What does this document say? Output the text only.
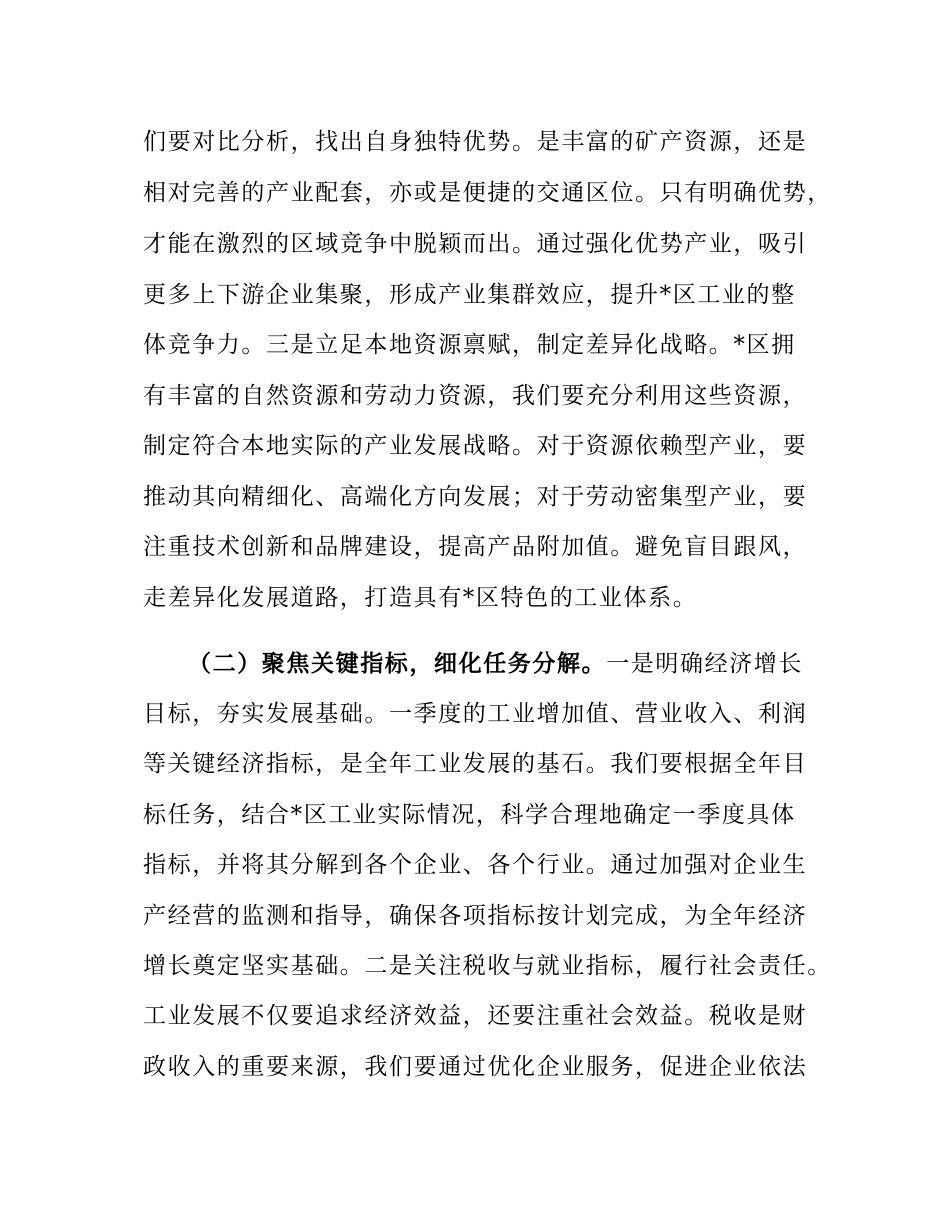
们要对比分析，找出自身独特优势。是丰富的矿产资源，还是
相对完善的产业配套，亦或是便捷的交通区位。只有明确优势，
才能在激烈的区域竞争中脱颖而出。通过强化优势产业，吸引
更多上下游企业集聚，形成产业集群效应，提升*区工业的整
体竞争力。三是立足本地资源禀赋，制定差异化战略。*区拥
有丰富的自然资源和劳动力资源，我们要充分利用这些资源，
制定符合本地实际的产业发展战略。对于资源依赖型产业，要
推动其向精细化、高端化方向发展；对于劳动密集型产业，要
注重技术创新和品牌建设，提高产品附加值。避免盲目跟风，
走差异化发展道路，打造具有*区特色的工业体系。
（二）聚焦关键指标，细化任务分解。一是明确经济增长
目标，夯实发展基础。一季度的工业增加值、营业收入、利润
等关键经济指标，是全年工业发展的基石。我们要根据全年目
标任务，结合*区工业实际情况，科学合理地确定一季度具体
指标，并将其分解到各个企业、各个行业。通过加强对企业生
产经营的监测和指导，确保各项指标按计划完成，为全年经济
增长奠定坚实基础。二是关注税收与就业指标，履行社会责任。
工业发展不仅要追求经济效益，还要注重社会效益。税收是财
政收入的重要来源，我们要通过优化企业服务，促进企业依法
